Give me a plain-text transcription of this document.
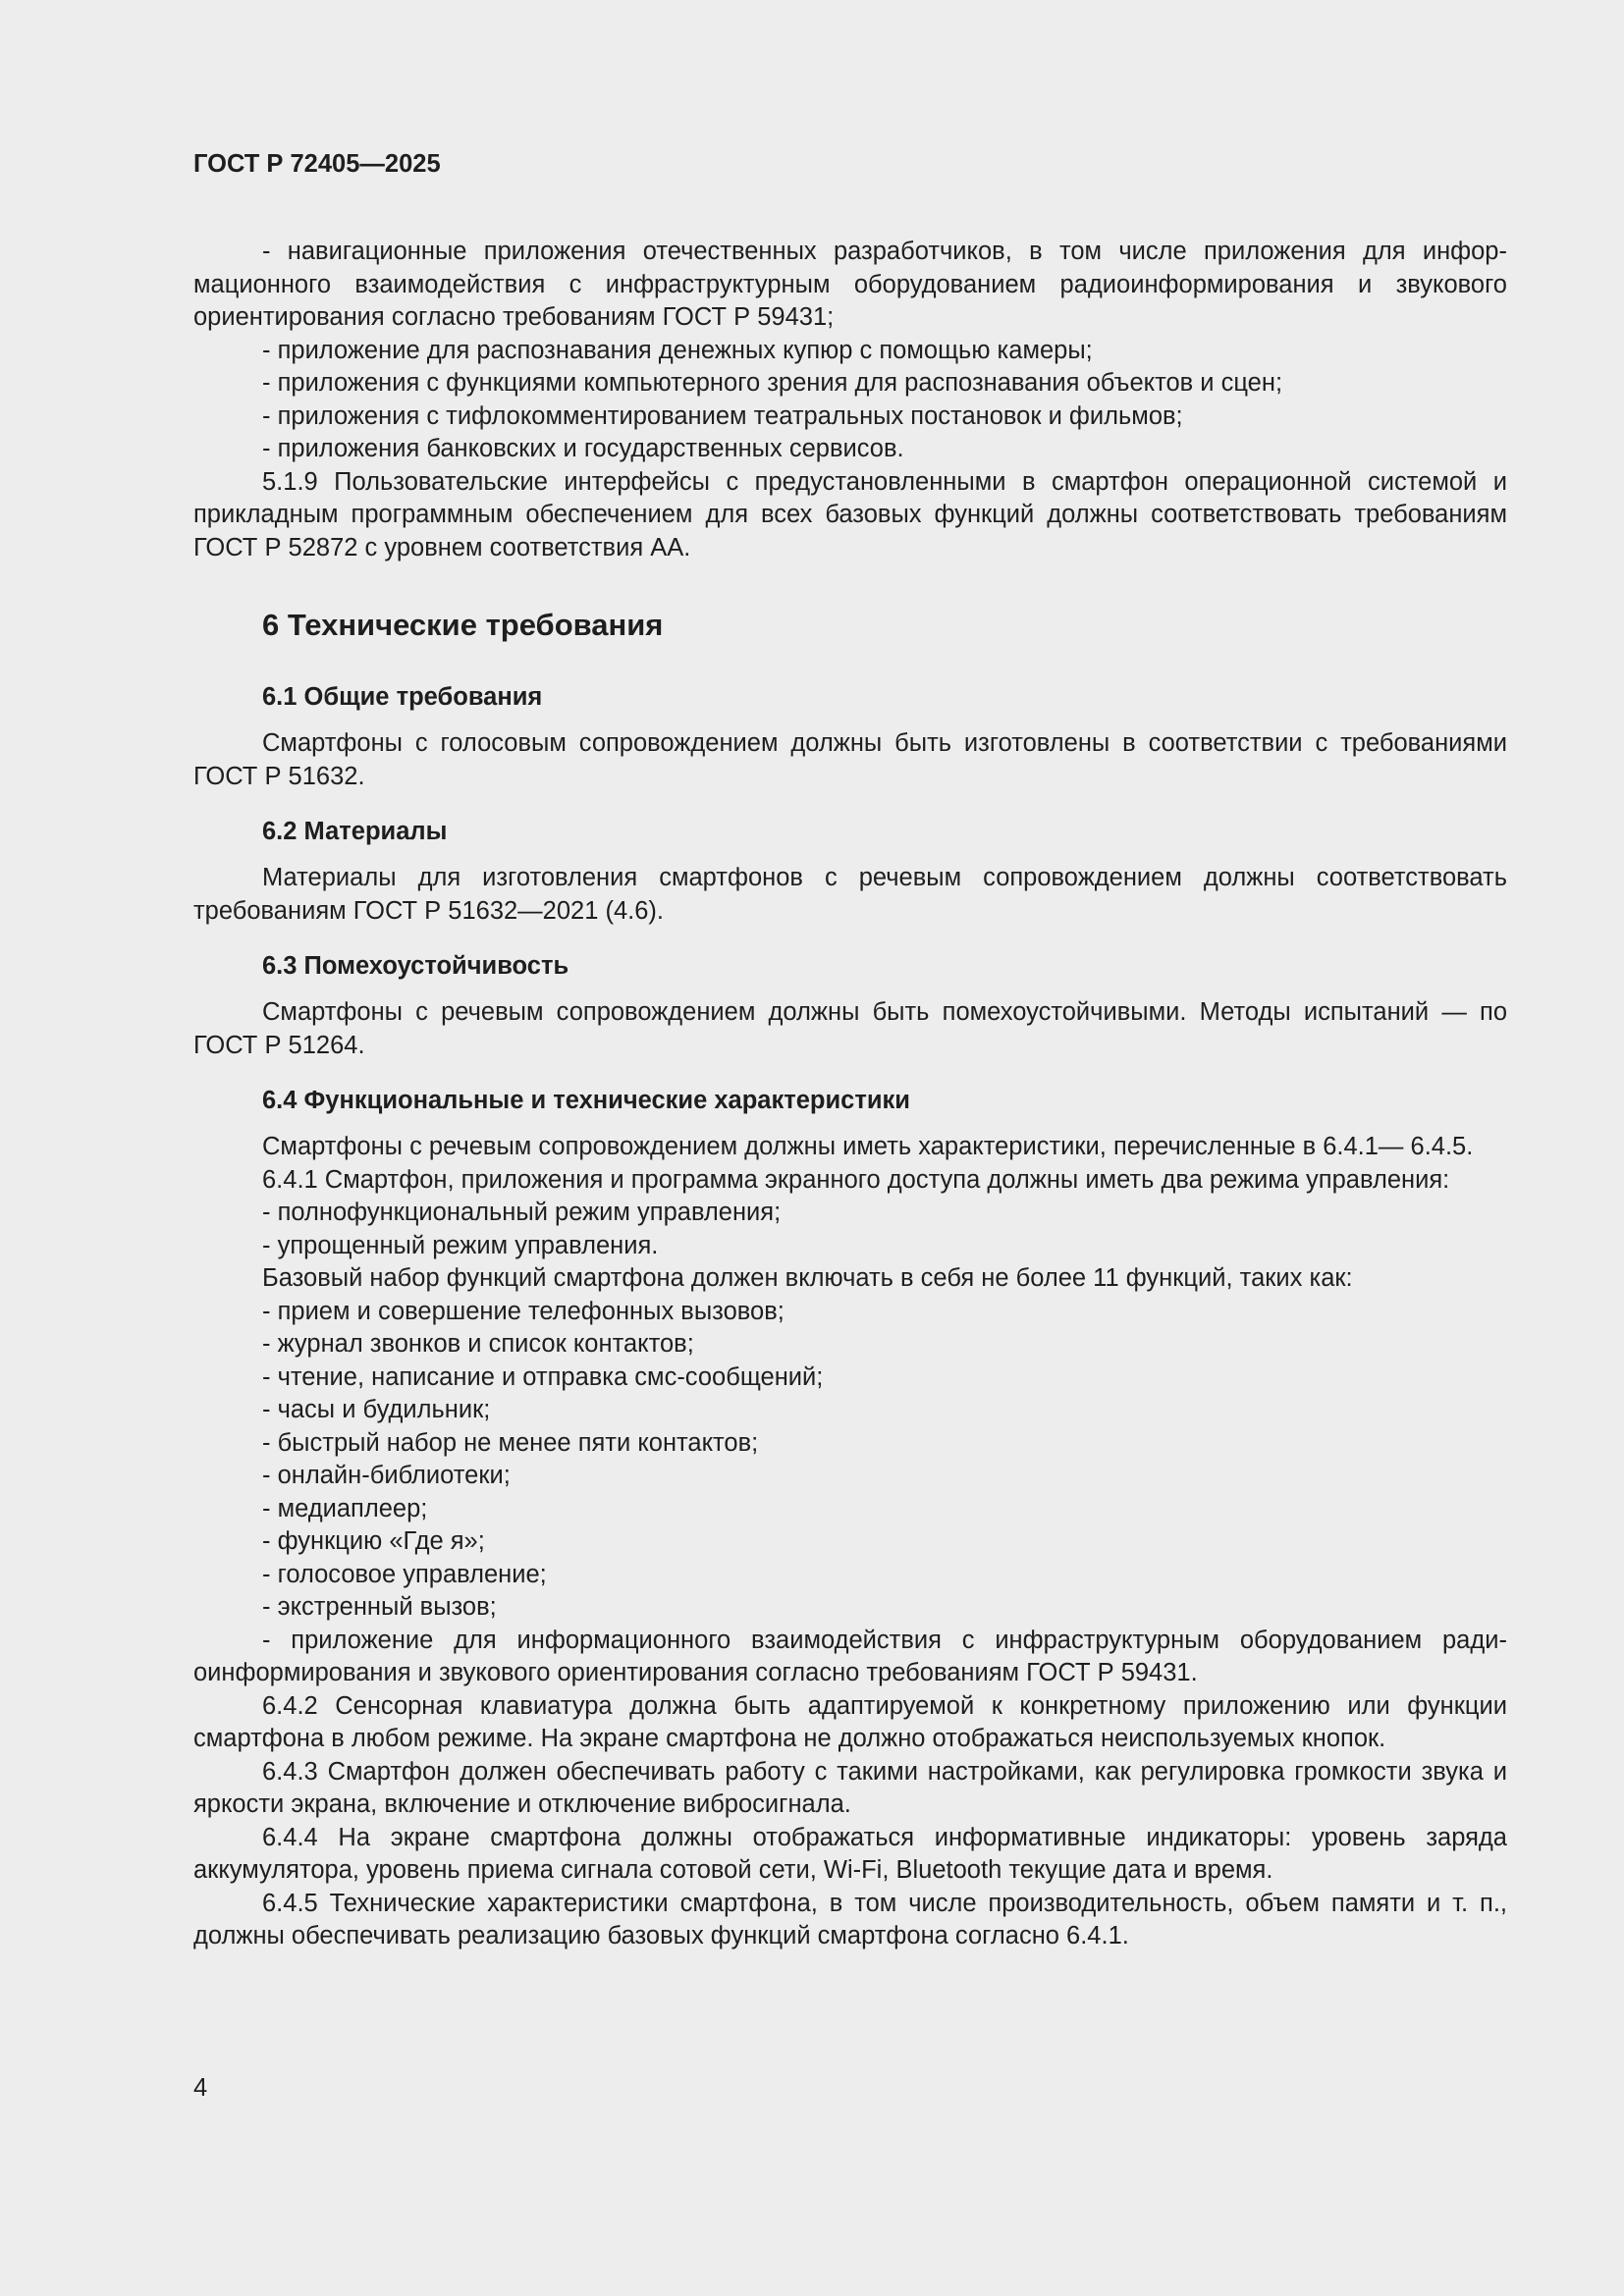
ГОСТ Р 72405—2025
- навигационные приложения отечественных разработчиков, в том числе приложения для информационного взаимодействия с инфраструктурным оборудованием радиоинформирования и звукового ориентирования согласно требованиям ГОСТ Р 59431;
- приложение для распознавания денежных купюр с помощью камеры;
- приложения с функциями компьютерного зрения для распознавания объектов и сцен;
- приложения с тифлокомментированием театральных постановок и фильмов;
- приложения банковских и государственных сервисов.
5.1.9 Пользовательские интерфейсы с предустановленными в смартфон операционной системой и прикладным программным обеспечением для всех базовых функций должны соответствовать требованиям ГОСТ Р 52872 с уровнем соответствия АА.
6 Технические требования
6.1 Общие требования
Смартфоны с голосовым сопровождением должны быть изготовлены в соответствии с требованиями ГОСТ Р 51632.
6.2 Материалы
Материалы для изготовления смартфонов с речевым сопровождением должны соответствовать требованиям ГОСТ Р 51632—2021 (4.6).
6.3 Помехоустойчивость
Смартфоны с речевым сопровождением должны быть помехоустойчивыми. Методы испытаний — по ГОСТ Р 51264.
6.4 Функциональные и технические характеристики
Смартфоны с речевым сопровождением должны иметь характеристики, перечисленные в 6.4.1— 6.4.5.
6.4.1 Смартфон, приложения и программа экранного доступа должны иметь два режима управления:
- полнофункциональный режим управления;
- упрощенный режим управления.
Базовый набор функций смартфона должен включать в себя не более 11 функций, таких как:
- прием и совершение телефонных вызовов;
- журнал звонков и список контактов;
- чтение, написание и отправка смс-сообщений;
- часы и будильник;
- быстрый набор не менее пяти контактов;
- онлайн-библиотеки;
- медиаплеер;
- функцию «Где я»;
- голосовое управление;
- экстренный вызов;
- приложение для информационного взаимодействия с инфраструктурным оборудованием радиоинформирования и звукового ориентирования согласно требованиям ГОСТ Р 59431.
6.4.2 Сенсорная клавиатура должна быть адаптируемой к конкретному приложению или функции смартфона в любом режиме. На экране смартфона не должно отображаться неиспользуемых кнопок.
6.4.3 Смартфон должен обеспечивать работу с такими настройками, как регулировка громкости звука и яркости экрана, включение и отключение вибросигнала.
6.4.4 На экране смартфона должны отображаться информативные индикаторы: уровень заряда аккумулятора, уровень приема сигнала сотовой сети, Wi-Fi, Bluetooth текущие дата и время.
6.4.5 Технические характеристики смартфона, в том числе производительность, объем памяти и т. п., должны обеспечивать реализацию базовых функций смартфона согласно 6.4.1.
4
